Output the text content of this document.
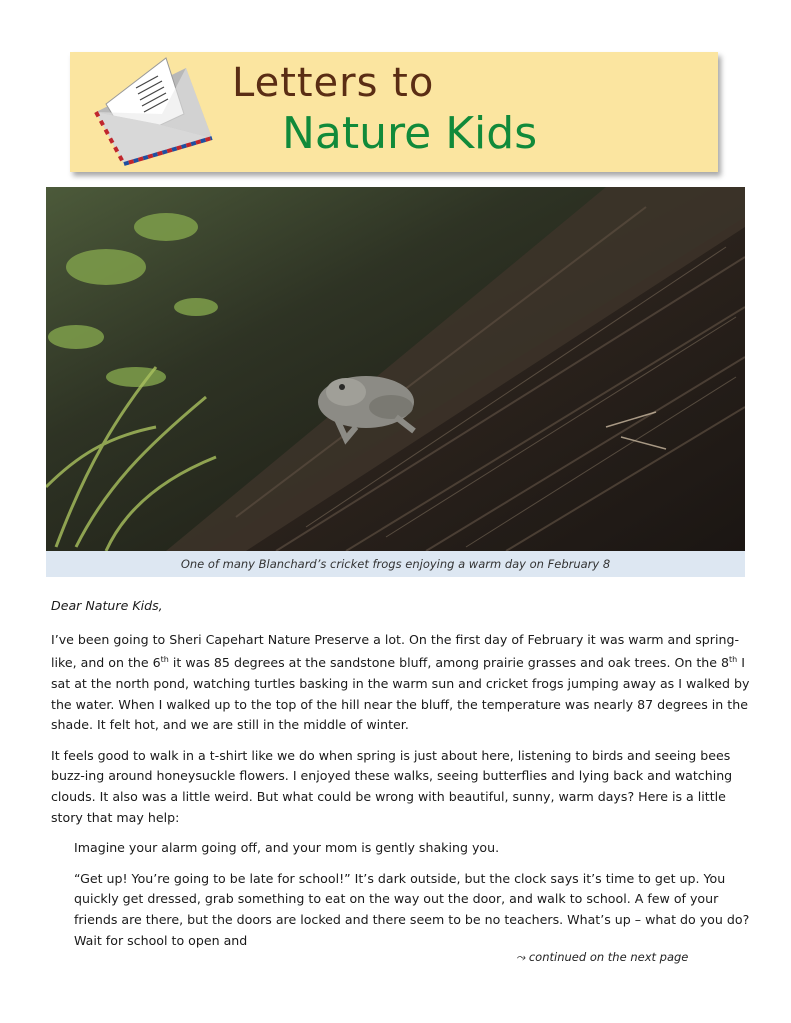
Letters to
Nature Kids
One of many Blanchard’s cricket frogs enjoying a warm day on February 8

Dear Nature Kids,

I’ve been going to Sheri Capehart Nature Preserve a lot. On the first day of February it was warm and spring-like, and on the 6th it was 85 degrees at the sandstone bluff, among prairie grasses and oak trees. On the 8th I sat at the north pond, watching turtles basking in the warm sun and cricket frogs jumping away as I walked by the water. When I walked up to the top of the hill near the bluff, the temperature was nearly 87 degrees in the shade. It felt hot, and we are still in the middle of winter.

It feels good to walk in a t-shirt like we do when spring is just about here, listening to birds and seeing bees buzz-ing around honeysuckle flowers. I enjoyed these walks, seeing butterflies and lying back and watching clouds. It also was a little weird. But what could be wrong with beautiful, sunny, warm days? Here is a little story that may help:

Imagine your alarm going off, and your mom is gently shaking you.

“Get up! You’re going to be late for school!” It’s dark outside, but the clock says it’s time to get up. You quickly get dressed, grab something to eat on the way out the door, and walk to school. A few of your friends are there, but the doors are locked and there seem to be no teachers. What’s up – what do you do? Wait for school to open and

⤳ continued on the next page
